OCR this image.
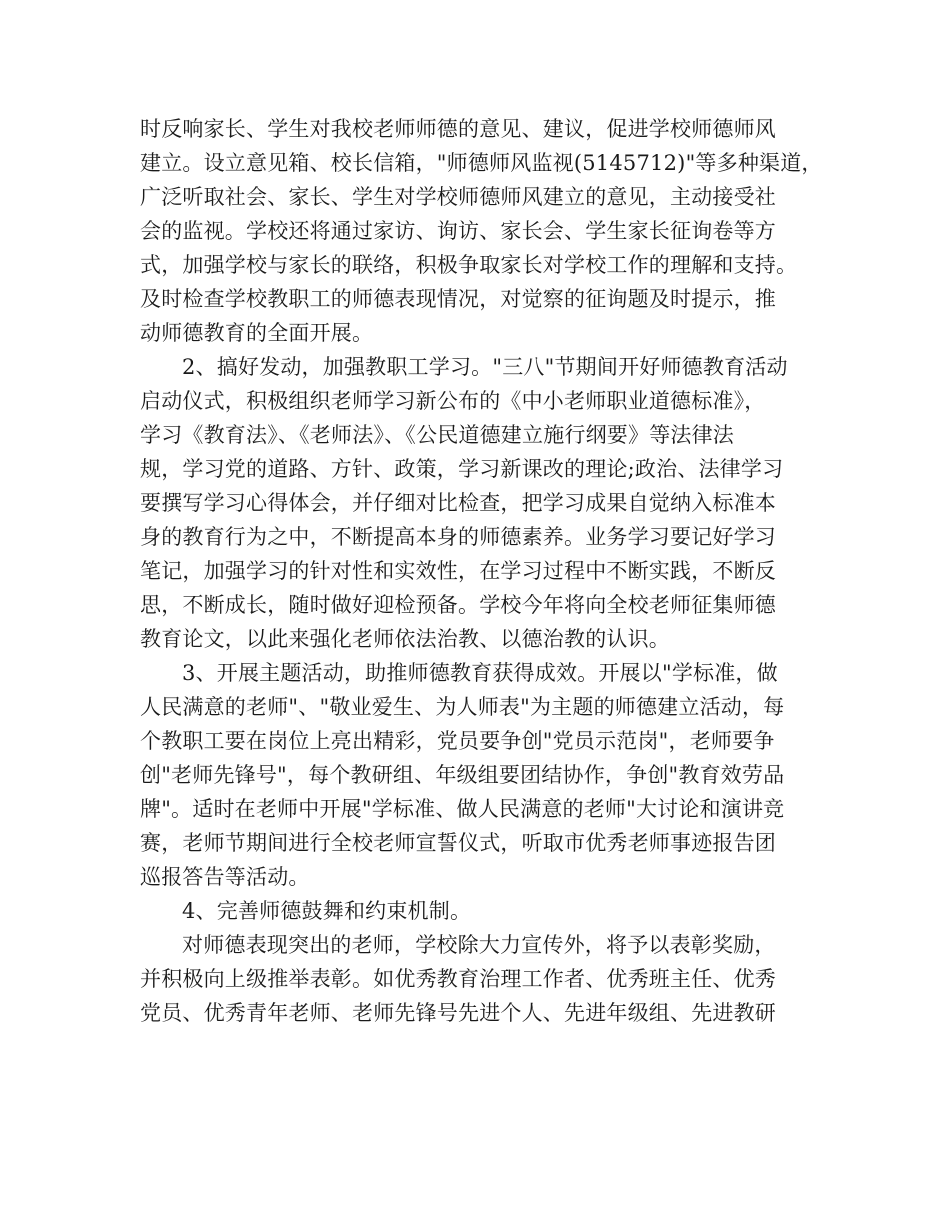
时反响家长、学生对我校老师师德的意见、建议，促进学校师德师风
建立。设立意见箱、校长信箱，"师德师风监视(5145712)"等多种渠道，
广泛听取社会、家长、学生对学校师德师风建立的意见，主动接受社
会的监视。学校还将通过家访、询访、家长会、学生家长征询卷等方
式，加强学校与家长的联络，积极争取家长对学校工作的理解和支持。
及时检查学校教职工的师德表现情况，对觉察的征询题及时提示，推
动师德教育的全面开展。
2、搞好发动，加强教职工学习。"三八"节期间开好师德教育活动
启动仪式，积极组织老师学习新公布的《中小老师职业道德标准》，
学习《教育法》、《老师法》、《公民道德建立施行纲要》等法律法
规，学习党的道路、方针、政策，学习新课改的理论;政治、法律学习
要撰写学习心得体会，并仔细对比检查，把学习成果自觉纳入标准本
身的教育行为之中，不断提高本身的师德素养。业务学习要记好学习
笔记，加强学习的针对性和实效性，在学习过程中不断实践，不断反
思，不断成长，随时做好迎检预备。学校今年将向全校老师征集师德
教育论文，以此来强化老师依法治教、以德治教的认识。
3、开展主题活动，助推师德教育获得成效。开展以"学标准，做
人民满意的老师"、"敬业爱生、为人师表"为主题的师德建立活动，每
个教职工要在岗位上亮出精彩，党员要争创"党员示范岗"，老师要争
创"老师先锋号"，每个教研组、年级组要团结协作，争创"教育效劳品
牌"。适时在老师中开展"学标准、做人民满意的老师"大讨论和演讲竞
赛，老师节期间进行全校老师宣誓仪式，听取市优秀老师事迹报告团
巡报答告等活动。
4、完善师德鼓舞和约束机制。
对师德表现突出的老师，学校除大力宣传外，将予以表彰奖励，
并积极向上级推举表彰。如优秀教育治理工作者、优秀班主任、优秀
党员、优秀青年老师、老师先锋号先进个人、先进年级组、先进教研
